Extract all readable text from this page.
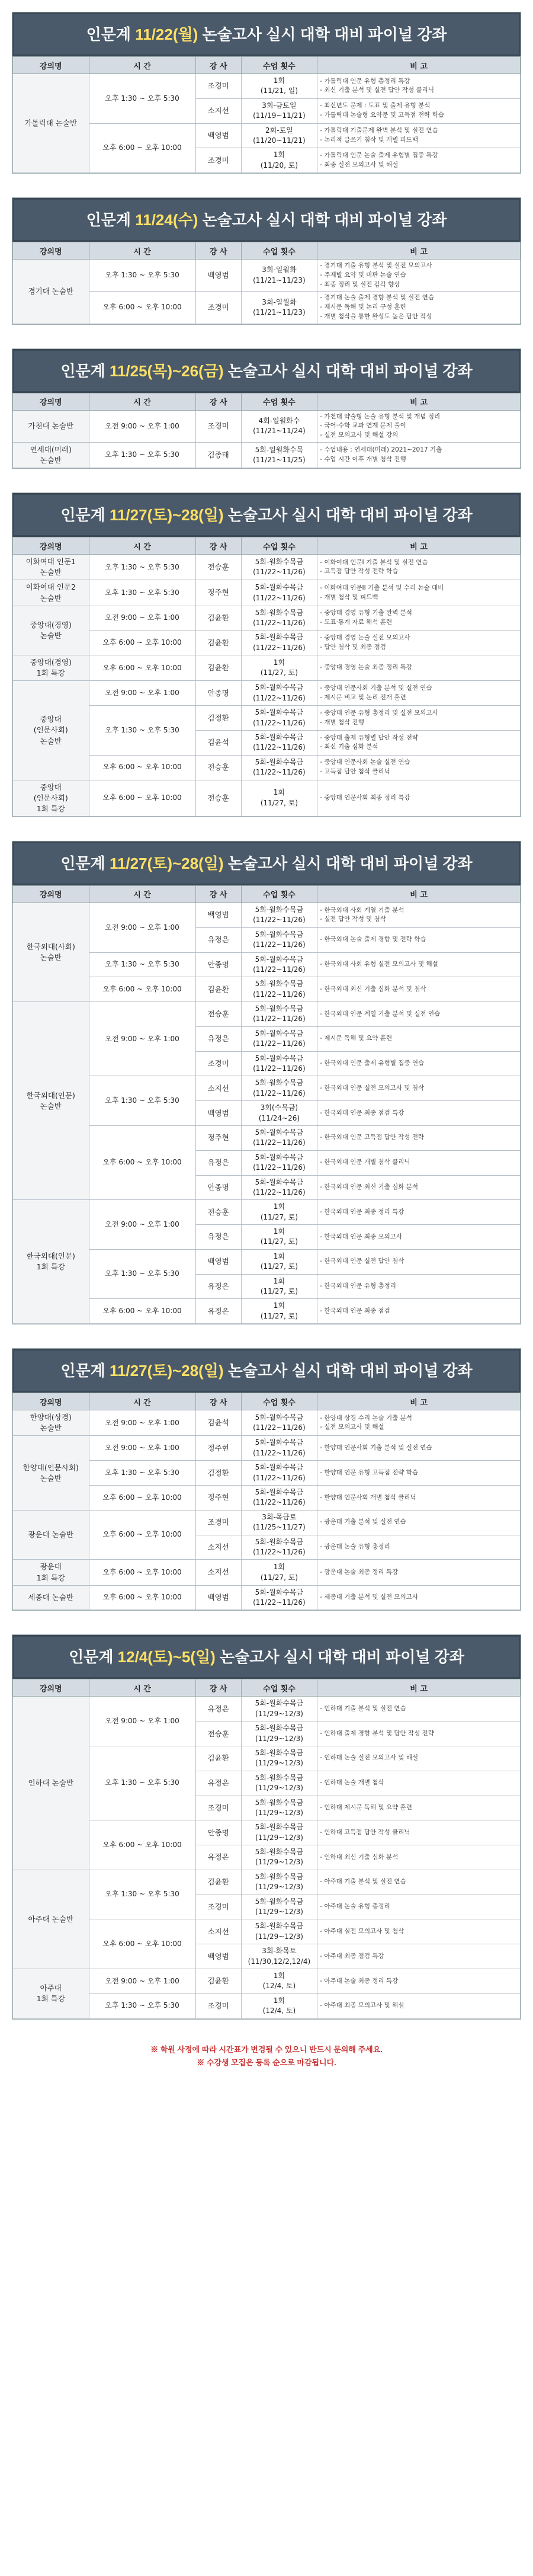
인문계 11/22(월) 논술고사 실시 대학 대비 파이널 강좌
강의명	시 간	강 사	수업 횟수	비 고
가톨릭대 논술반	오후 1:30 ~ 오후 5:30	조경미	1회
(11/21, 일)	- 가톨릭대 인문 유형 총정리 특강
- 최신 기출 분석 및 실전 답안 작성 클리닉
		소지선	3회-금토일
(11/19~11/21)	- 최신년도 문제 : 도표 및 출제 유형 분석
- 가톨릭대 논술형 요약문 및 고득점 전략 학습
	오후 6:00 ~ 오후 10:00	백영범	2회-토일
(11/20~11/21)	- 가톨릭대 기출문제 완벽 분석 및 실전 연습
- 논리적 글쓰기 첨삭 및 개별 피드백
		조경미	1회
(11/20, 토)	- 가톨릭대 인문 논술 출제 유형별 집중 특강
- 최종 실전 모의고사 및 해설
인문계 11/24(수) 논술고사 실시 대학 대비 파이널 강좌
강의명	시 간	강 사	수업 횟수	비 고
경기대 논술반	오후 1:30 ~ 오후 5:30	백영범	3회-일월화
(11/21~11/23)	- 경기대 기출 유형 분석 및 실전 모의고사
- 주제별 요약 및 비판 논술 연습
- 최종 정리 및 실전 감각 향상
	오후 6:00 ~ 오후 10:00	조경미	3회-일월화
(11/21~11/23)	- 경기대 논술 출제 경향 분석 및 실전 연습
- 제시문 독해 및 논리 구성 훈련
- 개별 첨삭을 통한 완성도 높은 답안 작성
인문계 11/25(목)~26(금) 논술고사 실시 대학 대비 파이널 강좌
강의명	시 간	강 사	수업 횟수	비 고
가천대 논술반	오전 9:00 ~ 오후 1:00	조경미	4회-일월화수
(11/21~11/24)	- 가천대 약술형 논술 유형 분석 및 개념 정리
- 국어·수학 교과 연계 문제 풀이
- 실전 모의고사 및 해설 강의
연세대(미래)
논술반	오후 1:30 ~ 오후 5:30	김종태	5회-일월화수목
(11/21~11/25)	- 수업내용 : 연세대(미래) 2021~2017 기출
- 수업 시간 이후 개별 첨삭 진행
인문계 11/27(토)~28(일) 논술고사 실시 대학 대비 파이널 강좌
강의명	시 간	강 사	수업 횟수	비 고
이화여대 인문1
논술반	오후 1:30 ~ 오후 5:30	전승훈	5회-월화수목금
(11/22~11/26)	- 이화여대 인문I 기출 분석 및 실전 연습
- 고득점 답안 작성 전략 학습
이화여대 인문2
논술반	오후 1:30 ~ 오후 5:30	정주현	5회-월화수목금
(11/22~11/26)	- 이화여대 인문II 기출 분석 및 수리 논술 대비
- 개별 첨삭 및 피드백
중앙대(경영)
논술반	오전 9:00 ~ 오후 1:00	김윤환	5회-월화수목금
(11/22~11/26)	- 중앙대 경영 유형 기출 완벽 분석
- 도표·통계 자료 해석 훈련
	오후 6:00 ~ 오후 10:00	김윤환	5회-월화수목금
(11/22~11/26)	- 중앙대 경영 논술 실전 모의고사
- 답안 첨삭 및 최종 점검
중앙대(경영)
1회 특강	오후 6:00 ~ 오후 10:00	김윤환	1회
(11/27, 토)	- 중앙대 경영 논술 최종 정리 특강
중앙대
(인문사회)
논술반	오전 9:00 ~ 오후 1:00	안종명	5회-월화수목금
(11/22~11/26)	- 중앙대 인문사회 기출 분석 및 실전 연습
- 제시문 비교 및 논리 전개 훈련
	오후 1:30 ~ 오후 5:30	김정환	5회-월화수목금
(11/22~11/26)	- 중앙대 인문 유형 총정리 및 실전 모의고사
- 개별 첨삭 진행
		김윤석	5회-월화수목금
(11/22~11/26)	- 중앙대 출제 유형별 답안 작성 전략
- 최신 기출 심화 분석
	오후 6:00 ~ 오후 10:00	전승훈	5회-월화수목금
(11/22~11/26)	- 중앙대 인문사회 논술 실전 연습
- 고득점 답안 첨삭 클리닉
중앙대
(인문사회)
1회 특강	오후 6:00 ~ 오후 10:00	전승훈	1회
(11/27, 토)	- 중앙대 인문사회 최종 정리 특강
인문계 11/27(토)~28(일) 논술고사 실시 대학 대비 파이널 강좌
강의명	시 간	강 사	수업 횟수	비 고
한국외대(사회)
논술반	오전 9:00 ~ 오후 1:00	백영범	5회-월화수목금
(11/22~11/26)	- 한국외대 사회 계열 기출 분석
- 실전 답안 작성 및 첨삭
		유정은	5회-월화수목금
(11/22~11/26)	- 한국외대 논술 출제 경향 및 전략 학습
	오후 1:30 ~ 오후 5:30	안종명	5회-월화수목금
(11/22~11/26)	- 한국외대 사회 유형 실전 모의고사 및 해설
	오후 6:00 ~ 오후 10:00	김윤환	5회-월화수목금
(11/22~11/26)	- 한국외대 최신 기출 심화 분석 및 첨삭
한국외대(인문)
논술반	오전 9:00 ~ 오후 1:00	전승훈	5회-월화수목금
(11/22~11/26)	- 한국외대 인문 계열 기출 분석 및 실전 연습
		유정은	5회-월화수목금
(11/22~11/26)	- 제시문 독해 및 요약 훈련
		조경미	5회-월화수목금
(11/22~11/26)	- 한국외대 인문 출제 유형별 집중 연습
	오후 1:30 ~ 오후 5:30	소지선	5회-월화수목금
(11/22~11/26)	- 한국외대 인문 실전 모의고사 및 첨삭
		백영범	3회(수목금)
(11/24~26)	- 한국외대 인문 최종 점검 특강
	오후 6:00 ~ 오후 10:00	정주현	5회-월화수목금
(11/22~11/26)	- 한국외대 인문 고득점 답안 작성 전략
		유정은	5회-월화수목금
(11/22~11/26)	- 한국외대 인문 개별 첨삭 클리닉
		안종명	5회-월화수목금
(11/22~11/26)	- 한국외대 인문 최신 기출 심화 분석
한국외대(인문)
1회 특강	오전 9:00 ~ 오후 1:00	전승훈	1회
(11/27, 토)	- 한국외대 인문 최종 정리 특강
		유정은	1회
(11/27, 토)	- 한국외대 인문 최종 모의고사
	오후 1:30 ~ 오후 5:30	백영범	1회
(11/27, 토)	- 한국외대 인문 실전 답안 첨삭
		유정은	1회
(11/27, 토)	- 한국외대 인문 유형 총정리
	오후 6:00 ~ 오후 10:00	유정은	1회
(11/27, 토)	- 한국외대 인문 최종 점검
인문계 11/27(토)~28(일) 논술고사 실시 대학 대비 파이널 강좌
강의명	시 간	강 사	수업 횟수	비 고
한양대(상경)
논술반	오전 9:00 ~ 오후 1:00	김윤석	5회-월화수목금
(11/22~11/26)	- 한양대 상경 수리 논술 기출 분석
- 실전 모의고사 및 해설
한양대(인문사회)
논술반	오전 9:00 ~ 오후 1:00	정주현	5회-월화수목금
(11/22~11/26)	- 한양대 인문사회 기출 분석 및 실전 연습
	오후 1:30 ~ 오후 5:30	김정환	5회-월화수목금
(11/22~11/26)	- 한양대 인문 유형 고득점 전략 학습
	오후 6:00 ~ 오후 10:00	정주현	5회-월화수목금
(11/22~11/26)	- 한양대 인문사회 개별 첨삭 클리닉
광운대 논술반	오후 6:00 ~ 오후 10:00	조경미	3회-목금토
(11/25~11/27)	- 광운대 기출 분석 및 실전 연습
		소지선	5회-월화수목금
(11/22~11/26)	- 광운대 논술 유형 총정리
광운대
1회 특강	오후 6:00 ~ 오후 10:00	소지선	1회
(11/27, 토)	- 광운대 논술 최종 정리 특강
세종대 논술반	오후 6:00 ~ 오후 10:00	백영범	5회-월화수목금
(11/22~11/26)	- 세종대 기출 분석 및 실전 모의고사
인문계 12/4(토)~5(일) 논술고사 실시 대학 대비 파이널 강좌
강의명	시 간	강 사	수업 횟수	비 고
인하대 논술반	오전 9:00 ~ 오후 1:00	유정은	5회-월화수목금
(11/29~12/3)	- 인하대 기출 분석 및 실전 연습
		전승훈	5회-월화수목금
(11/29~12/3)	- 인하대 출제 경향 분석 및 답안 작성 전략
	오후 1:30 ~ 오후 5:30	김윤환	5회-월화수목금
(11/29~12/3)	- 인하대 논술 실전 모의고사 및 해설
		유정은	5회-월화수목금
(11/29~12/3)	- 인하대 논술 개별 첨삭
		조경미	5회-월화수목금
(11/29~12/3)	- 인하대 제시문 독해 및 요약 훈련
	오후 6:00 ~ 오후 10:00	안종명	5회-월화수목금
(11/29~12/3)	- 인하대 고득점 답안 작성 클리닉
		유정은	5회-월화수목금
(11/29~12/3)	- 인하대 최신 기출 심화 분석
아주대 논술반	오후 1:30 ~ 오후 5:30	김윤환	5회-월화수목금
(11/29~12/3)	- 아주대 기출 분석 및 실전 연습
		조경미	5회-월화수목금
(11/29~12/3)	- 아주대 논술 유형 총정리
	오후 6:00 ~ 오후 10:00	소지선	5회-월화수목금
(11/29~12/3)	- 아주대 실전 모의고사 및 첨삭
		백영범	3회-화목토
(11/30,12/2,12/4)	- 아주대 최종 점검 특강
아주대
1회 특강	오전 9:00 ~ 오후 1:00	김윤환	1회
(12/4, 토)	- 아주대 논술 최종 정리 특강
	오후 1:30 ~ 오후 5:30	조경미	1회
(12/4, 토)	- 아주대 최종 모의고사 및 해설
※ 학원 사정에 따라 시간표가 변경될 수 있으니 반드시 문의해 주세요.
※ 수강생 모집은 등록 순으로 마감됩니다.
